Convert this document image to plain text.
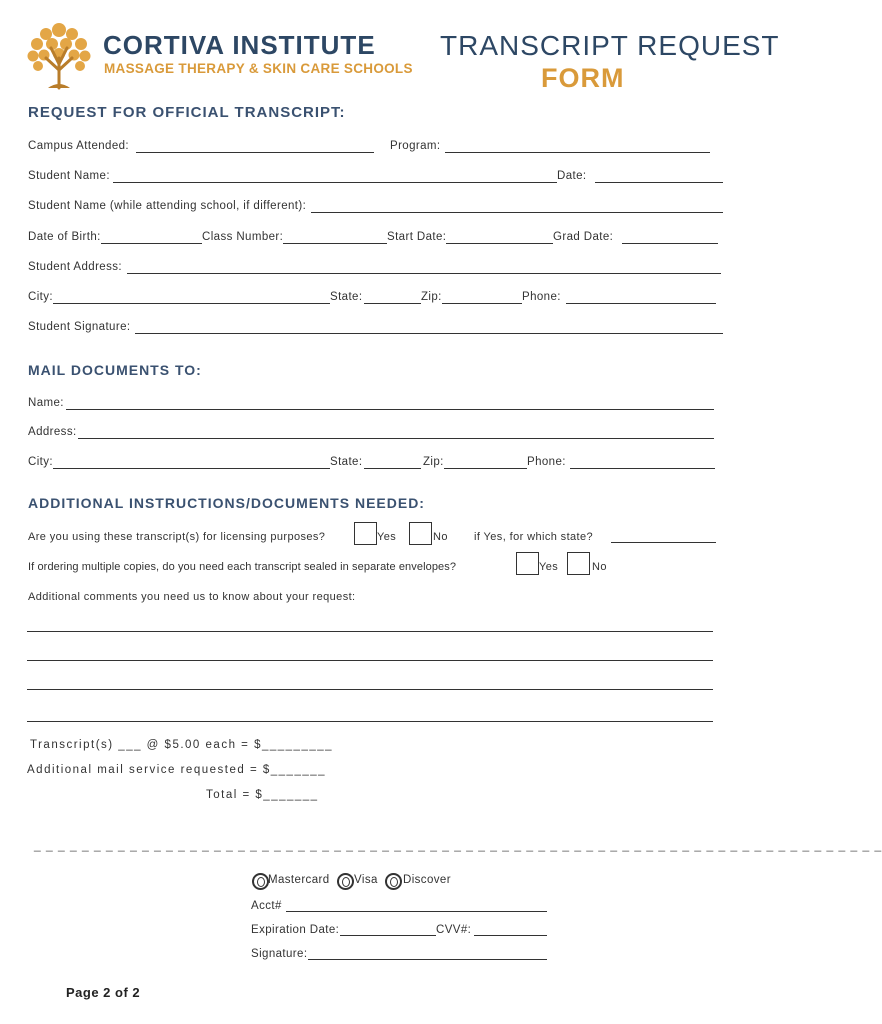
CORTIVA INSTITUTE
MASSAGE THERAPY & SKIN CARE SCHOOLS
TRANSCRIPT REQUEST
FORM
REQUEST FOR OFFICIAL TRANSCRIPT:
Campus Attended:	Program:
Student Name:	Date:
Student Name (while attending school, if different):
Date of Birth:	Class Number:	Start Date:	Grad Date:
Student Address:
City:	State:	Zip:	Phone:
Student Signature:
MAIL DOCUMENTS TO:
Name:
Address:
City:	State:	Zip:	Phone:
ADDITIONAL INSTRUCTIONS/DOCUMENTS NEEDED:
Are you using these transcript(s) for licensing purposes?	Yes	No if Yes, for which state?
If ordering multiple copies, do you need each transcript sealed in separate envelopes?	Yes	No
Additional comments you need us to know about your request:
Transcript(s) ___ @ $5.00 each = $_________
Additional mail service requested = $_______
Total = $_______
_ _ _ _ _ _ _ _ _ _ _ _ _ _ _ _ _ _ _ _ _ _ _ _ _ _ _ _ _ _ _ _ _ _ _ _ _ _ _ _ _ _ _ _ _ _ _ _ _ _ _ _ _ _ _ _ _ _ _ _ _ _ _ _ _ _ _ _ _ _ _
Mastercard Visa Discover
Acct#
Expiration Date:	CVV#:
Signature:
Page 2 of 2
